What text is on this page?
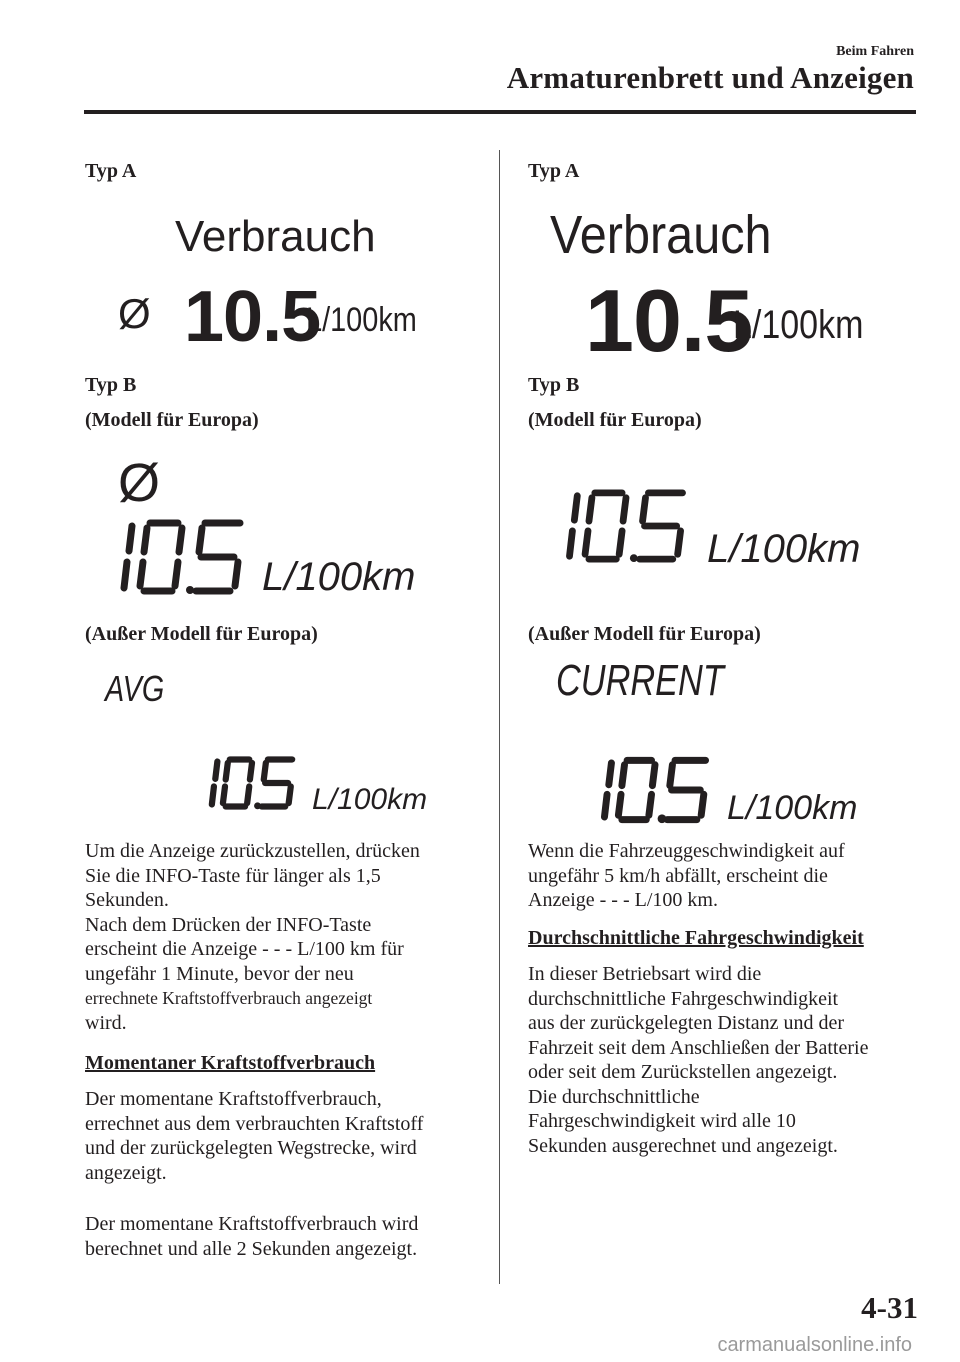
Beim Fahren
Armaturenbrett und Anzeigen
Typ A
Verbrauch
Ø 10.5
L/100km
Typ B
(Modell für Europa)
Ø
L/100km
(Außer Modell für Europa)
AVG
L/100km

Um die Anzeige zurückzustellen, drücken

Sie die INFO-Taste für länger als 1,5

Sekunden.

Nach dem Drücken der INFO-Taste

erscheint die Anzeige - - - L/100 km für

ungefähr 1 Minute, bevor der neu

errechnete Kraftstoffverbrauch angezeigt

wird.

Momentaner Kraftstoffverbrauch

Der momentane Kraftstoffverbrauch,

errechnet aus dem verbrauchten Kraftstoff

und der zurückgelegten Wegstrecke, wird

angezeigt.

Der momentane Kraftstoffverbrauch wird

berechnet und alle 2 Sekunden angezeigt.

Typ A
Verbrauch
10.5
L/100km
Typ B
(Modell für Europa)
L/100km
(Außer Modell für Europa)
CURRENT
L/100km

Wenn die Fahrzeuggeschwindigkeit auf

ungefähr 5 km/h abfällt, erscheint die

Anzeige - - - L/100 km.

Durchschnittliche Fahrgeschwindigkeit

In dieser Betriebsart wird die

durchschnittliche Fahrgeschwindigkeit

aus der zurückgelegten Distanz und der

Fahrzeit seit dem Anschließen der Batterie

oder seit dem Zurückstellen angezeigt.

Die durchschnittliche

Fahrgeschwindigkeit wird alle 10

Sekunden ausgerechnet und angezeigt.

4-31
carmanualsonline.info
